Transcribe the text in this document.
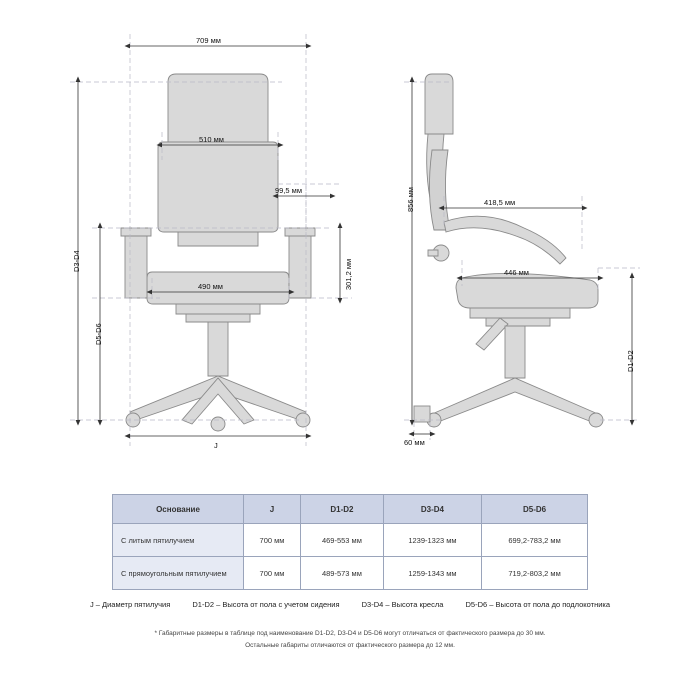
709 мм
510 мм
99,5 мм
490 мм	301,2 мм
D3-D4
D5-D6
J
856 мм	418,5 мм
446 мм
D1-D2
60 мм
Основание	J	D1-D2	D3-D4	D5-D6
С литым пятилучием	700 мм	469-553 мм	1239-1323 мм	699,2-783,2 мм
С прямоугольным пятилучием	700 мм	489-573 мм	1259-1343 мм	719,2-803,2 мм
J – Диаметр пятилучия	D1-D2 – Высота от пола с учетом сидения	D3-D4 – Высота кресла	D5-D6 – Высота от пола до подлокотника
* Габаритные размеры в таблице под наименование D1-D2, D3-D4 и D5-D6 могут отличаться от фактического размера до 30 мм.
Остальные габариты отличаются от фактического размера до 12 мм.
